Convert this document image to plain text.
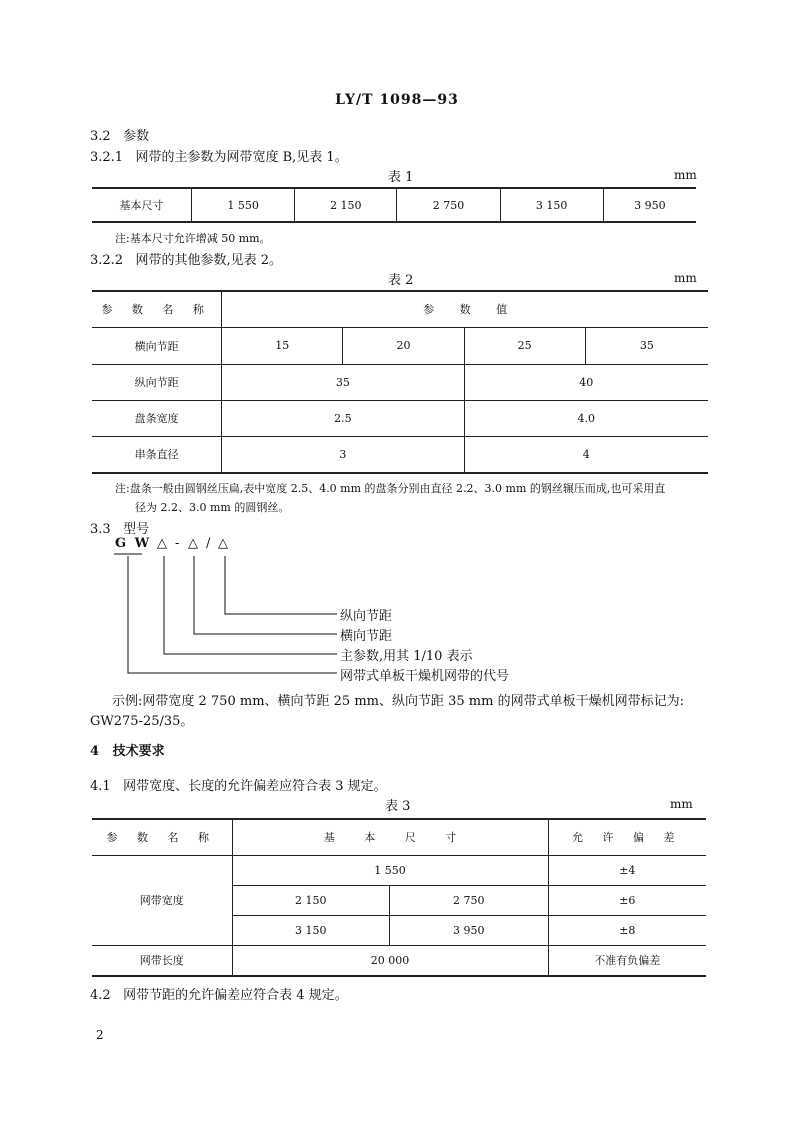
LY/T 1098—93
3.2 参数
3.2.1 网带的主参数为网带宽度 B,见表 1。
表 1	mm
基本尺寸	1 550	2 150	2 750	3 150	3 950
注:基本尺寸允许增减 50 mm。
3.2.2 网带的其他参数,见表 2。
表 2	mm
参 数 名 称	参 数 值			
横向节距	15	20	25	35
纵向节距	35		40	
盘条宽度	2.5		4.0	
串条直径	3		4	
注:盘条一般由圆钢丝压扁,表中宽度 2.5、4.0 mm 的盘条分别由直径 2.2、3.0 mm 的钢丝辗压而成,也可采用直
径为 2.2、3.0 mm 的圆钢丝。
3.3 型号
G W △ - △ / △
纵向节距
横向节距
主参数,用其 1/10 表示
网带式单板干燥机网带的代号
示例:网带宽度 2 750 mm、横向节距 25 mm、纵向节距 35 mm 的网带式单板干燥机网带标记为:
GW275-25/35。
4 技术要求
4.1 网带宽度、长度的允许偏差应符合表 3 规定。
表 3	mm
参 数 名 称	基 本 尺 寸		允 许 偏 差
网带宽度	1 550		±4
	2 150	2 750	±6
	3 150	3 950	±8
网带长度	20 000		不准有负偏差
4.2 网带节距的允许偏差应符合表 4 规定。
2
